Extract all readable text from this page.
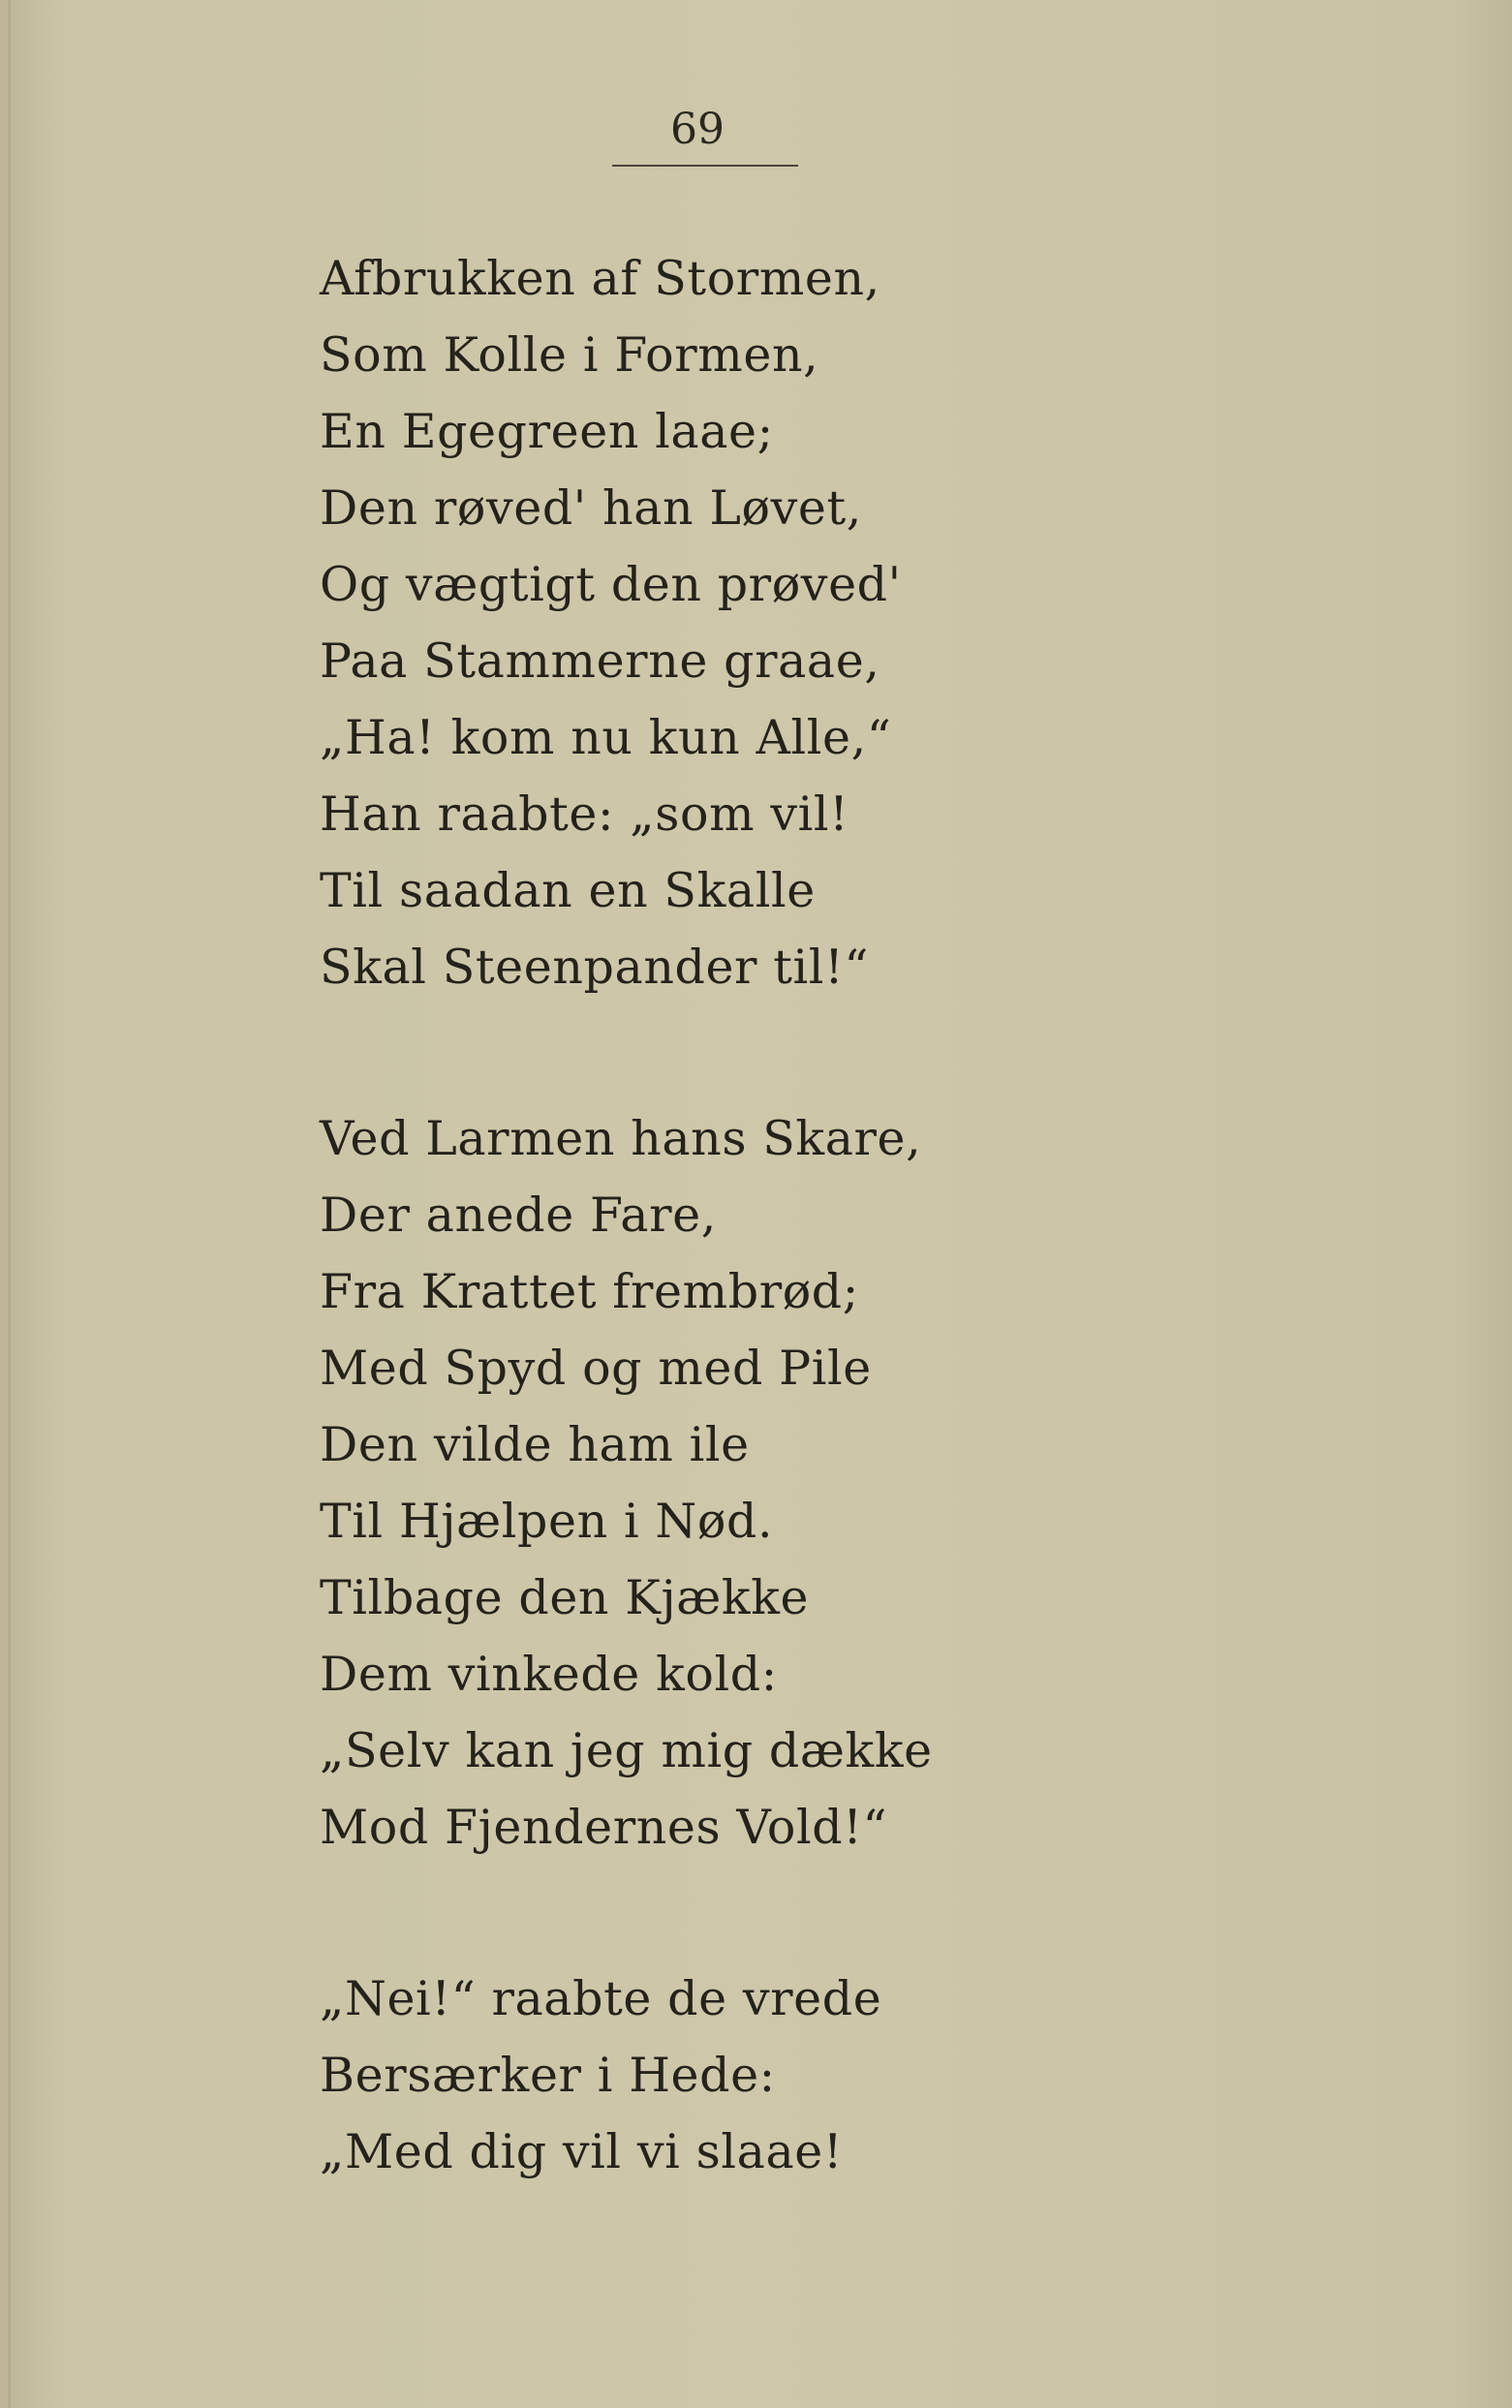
69
Afbrukken af Stormen,
Som Kolle i Formen,
En Egegreen laae;
Den røved' han Løvet,
Og vægtigt den prøved'
Paa Stammerne graae,
„Ha! kom nu kun Alle,“
Han raabte: „som vil!
Til saadan en Skalle
Skal Steenpander til!“
Ved Larmen hans Skare,
Der anede Fare,
Fra Krattet frembrød;
Med Spyd og med Pile
Den vilde ham ile
Til Hjælpen i Nød.
Tilbage den Kjække
Dem vinkede kold:
„Selv kan jeg mig dække
Mod Fjendernes Vold!“
„Nei!“ raabte de vrede
Bersærker i Hede:
„Med dig vil vi slaae!
